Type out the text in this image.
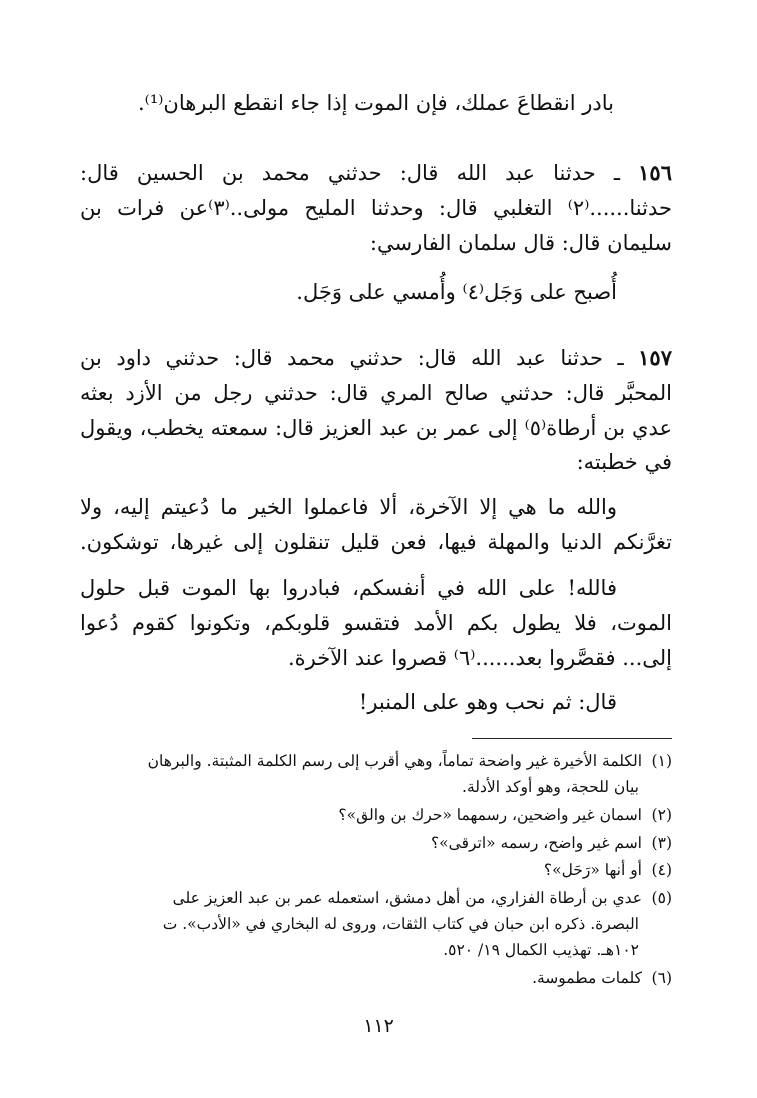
بادر انقطاعَ عملك، فإن الموت إذا جاء انقطع البرهان⁽¹⁾.
١٥٦ ـ حدثنا عبد الله قال: حدثني محمد بن الحسين قال:
حدثنا......⁽٢⁾ التغلبي قال: وحدثنا المليح مولى..⁽٣⁾عن فرات بن
سليمان قال: قال سلمان الفارسي:
أُصبح على وَجَل⁽٤⁾ وأُمسي على وَجَل.
١٥٧ ـ حدثنا عبد الله قال: حدثني محمد قال: حدثني داود بن
المحبَّر قال: حدثني صالح المري قال: حدثني رجل من الأزد بعثه
عدي بن أرطاة⁽٥⁾ إلى عمر بن عبد العزيز قال: سمعته يخطب، ويقول
في خطبته:
والله ما هي إلا الآخرة، ألا فاعملوا الخير ما دُعيتم إليه، ولا
تغرَّنكم الدنيا والمهلة فيها، فعن قليل تنقلون إلى غيرها، توشكون.
فالله! على الله في أنفسكم، فبادروا بها الموت قبل حلول
الموت، فلا يطول بكم الأمد فتقسو قلوبكم، وتكونوا كقوم دُعوا
إلى... فقصَّروا بعد......⁽٦⁾ قصروا عند الآخرة.
قال: ثم نحب وهو على المنبر!
(١)الكلمة الأخيرة غير واضحة تماماً، وهي أقرب إلى رسم الكلمة المثبتة. والبرهان
بيان للحجة، وهو أوكد الأدلة.
(٢)اسمان غير واضحين، رسمهما «حرك بن والق»؟
(٣)اسم غير واضح، رسمه «اترقى»؟
(٤)أو أنها «رَحَل»؟
(٥)عدي بن أرطاة الفزاري، من أهل دمشق، استعمله عمر بن عبد العزيز على
البصرة. ذكره ابن حبان في كتاب الثقات، وروى له البخاري في «الأدب». ت
١٠٢هـ. تهذيب الكمال ١٩/ ٥٢٠.
(٦)كلمات مطموسة.
١١٢
